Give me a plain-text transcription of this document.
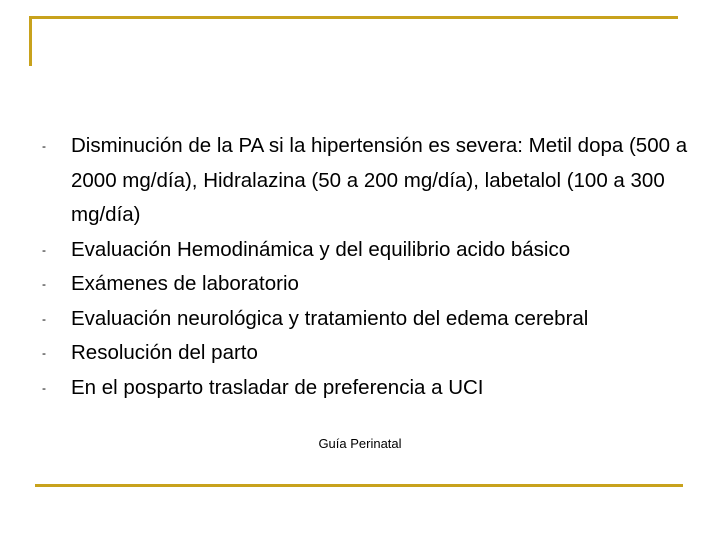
- Disminución de la PA si la hipertensión es severa: Metil dopa (500 a 2000 mg/día), Hidralazina (50 a 200 mg/día), labetalol (100 a 300 mg/día)
- Evaluación Hemodinámica y del equilibrio acido básico
- Exámenes de laboratorio
- Evaluación neurológica y tratamiento del edema cerebral
- Resolución del parto
- En el posparto trasladar de preferencia a UCI
Guía Perinatal
